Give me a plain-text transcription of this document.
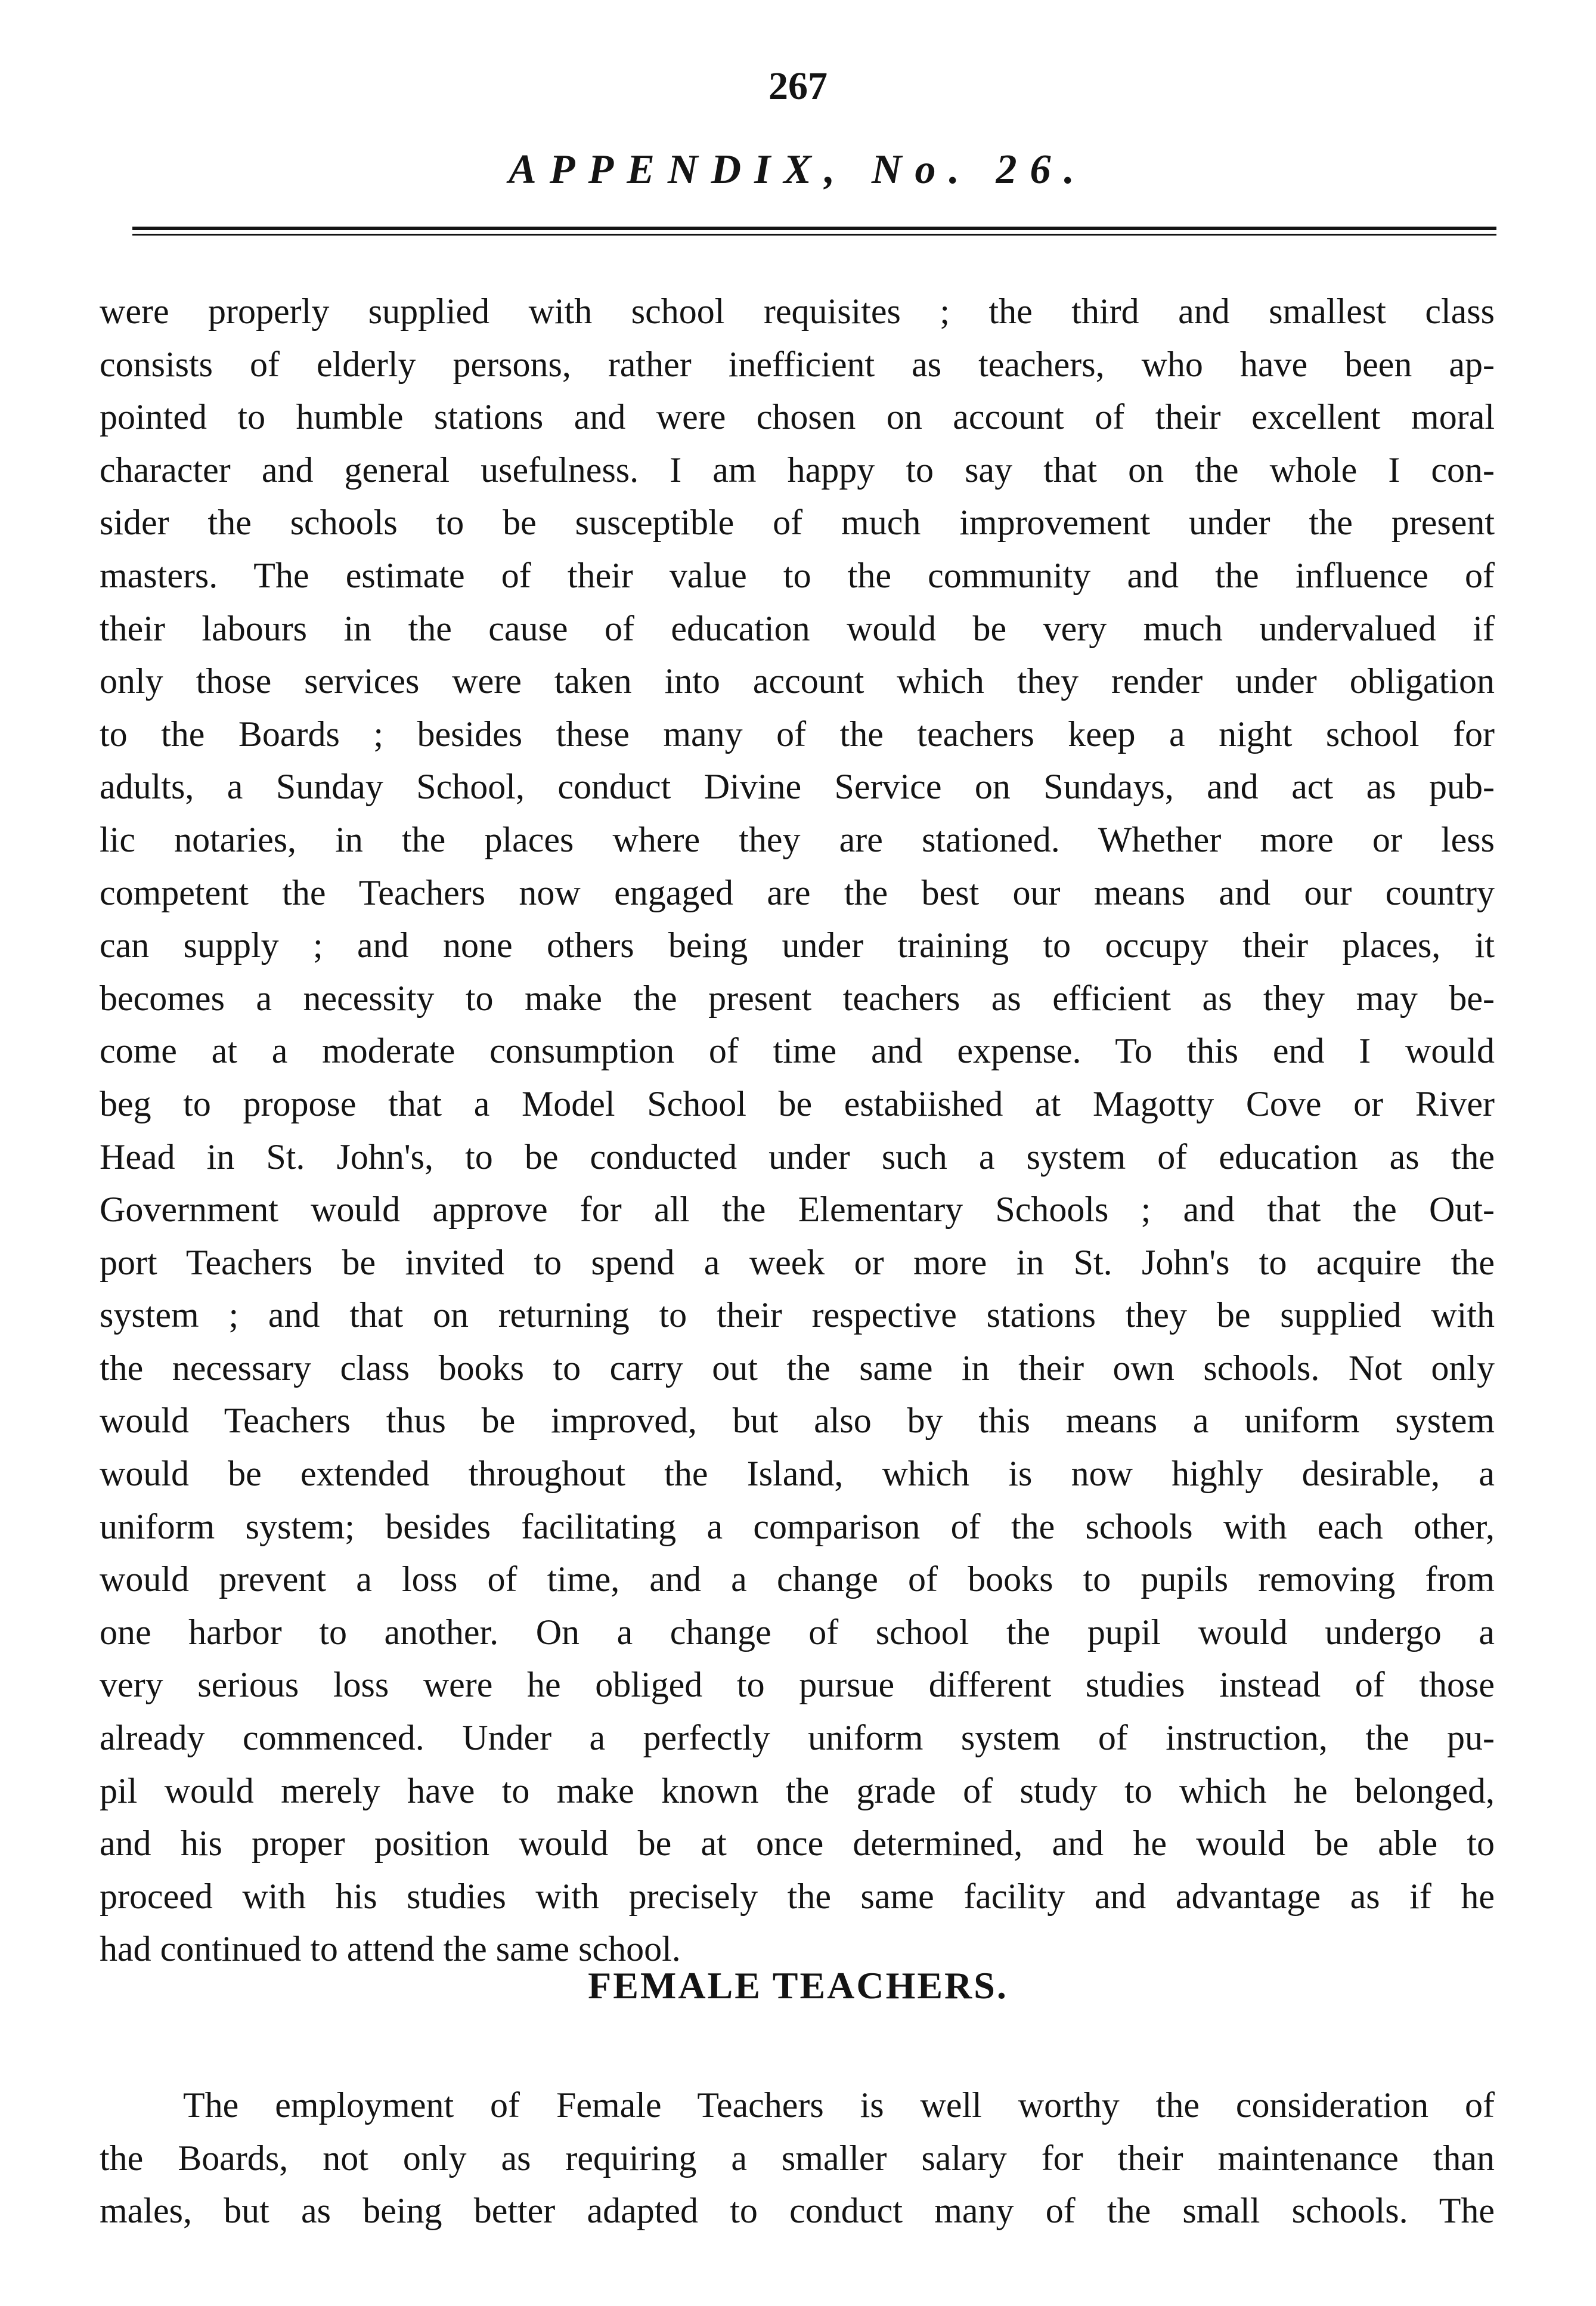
267
APPENDIX, No. 26.
were properly supplied with school requisites ; the third and smallest class
consists of elderly persons, rather inefficient as teachers, who have been ap-
pointed to humble stations and were chosen on account of their excellent moral
character and general usefulness. I am happy to say that on the whole I con-
sider the schools to be susceptible of much improvement under the present
masters. The estimate of their value to the community and the influence of
their labours in the cause of education would be very much undervalued if
only those services were taken into account which they render under obligation
to the Boards ; besides these many of the teachers keep a night school for
adults, a Sunday School, conduct Divine Service on Sundays, and act as pub-
lic notaries, in the places where they are stationed. Whether more or less
competent the Teachers now engaged are the best our means and our country
can supply ; and none others being under training to occupy their places, it
becomes a necessity to make the present teachers as efficient as they may be-
come at a moderate consumption of time and expense. To this end I would
beg to propose that a Model School be estabiished at Magotty Cove or River
Head in St. John's, to be conducted under such a system of education as the
Government would approve for all the Elementary Schools ; and that the Out-
port Teachers be invited to spend a week or more in St. John's to acquire the
system ; and that on returning to their respective stations they be supplied with
the necessary class books to carry out the same in their own schools. Not only
would Teachers thus be improved, but also by this means a uniform system
would be extended throughout the Island, which is now highly desirable, a
uniform system; besides facilitating a comparison of the schools with each other,
would prevent a loss of time, and a change of books to pupils removing from
one harbor to another. On a change of school the pupil would undergo a
very serious loss were he obliged to pursue different studies instead of those
already commenced. Under a perfectly uniform system of instruction, the pu-
pil would merely have to make known the grade of study to which he belonged,
and his proper position would be at once determined, and he would be able to
proceed with his studies with precisely the same facility and advantage as if he
had continued to attend the same school.
FEMALE TEACHERS.
The employment of Female Teachers is well worthy the consideration of
the Boards, not only as requiring a smaller salary for their maintenance than
males, but as being better adapted to conduct many of the small schools. The
